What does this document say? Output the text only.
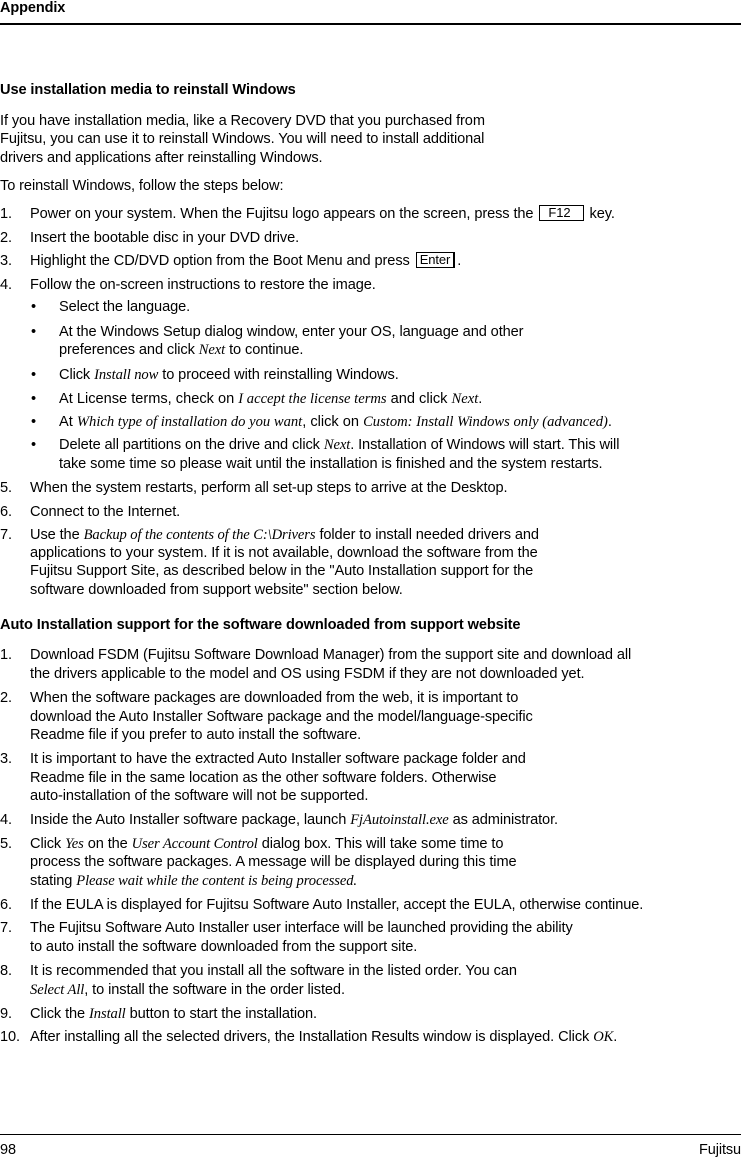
Appendix
Use installation media to reinstall Windows
If you have installation media, like a Recovery DVD that you purchased from
Fujitsu, you can use it to reinstall Windows. You will need to install additional
drivers and applications after reinstalling Windows.
To reinstall Windows, follow the steps below:
1. Power on your system. When the Fujitsu logo appears on the screen, press the F12 key.
2. Insert the bootable disc in your DVD drive.
3. Highlight the CD/DVD option from the Boot Menu and press Enter .
4. Follow the on-screen instructions to restore the image.
• Select the language.
• At the Windows Setup dialog window, enter your OS, language and other
preferences and click Next to continue.
• Click Install now to proceed with reinstalling Windows.
• At License terms, check on I accept the license terms and click Next.
• At Which type of installation do you want, click on Custom: Install Windows only (advanced).
• Delete all partitions on the drive and click Next. Installation of Windows will start. This will
take some time so please wait until the installation is finished and the system restarts.
5. When the system restarts, perform all set-up steps to arrive at the Desktop.
6. Connect to the Internet.
7. Use the Backup of the contents of the C:\Drivers folder to install needed drivers and
applications to your system. If it is not available, download the software from the
Fujitsu Support Site, as described below in the "Auto Installation support for the
software downloaded from support website" section below.
Auto Installation support for the software downloaded from support website
1. Download FSDM (Fujitsu Software Download Manager) from the support site and download all
the drivers applicable to the model and OS using FSDM if they are not downloaded yet.
2. When the software packages are downloaded from the web, it is important to
download the Auto Installer Software package and the model/language-specific
Readme file if you prefer to auto install the software.
3. It is important to have the extracted Auto Installer software package folder and
Readme file in the same location as the other software folders. Otherwise
auto-installation of the software will not be supported.
4. Inside the Auto Installer software package, launch FjAutoinstall.exe as administrator.
5. Click Yes on the User Account Control dialog box. This will take some time to
process the software packages. A message will be displayed during this time
stating Please wait while the content is being processed.
6. If the EULA is displayed for Fujitsu Software Auto Installer, accept the EULA, otherwise continue.
7. The Fujitsu Software Auto Installer user interface will be launched providing the ability
to auto install the software downloaded from the support site.
8. It is recommended that you install all the software in the listed order. You can
Select All, to install the software in the order listed.
9. Click the Install button to start the installation.
10. After installing all the selected drivers, the Installation Results window is displayed. Click OK.
98	Fujitsu
